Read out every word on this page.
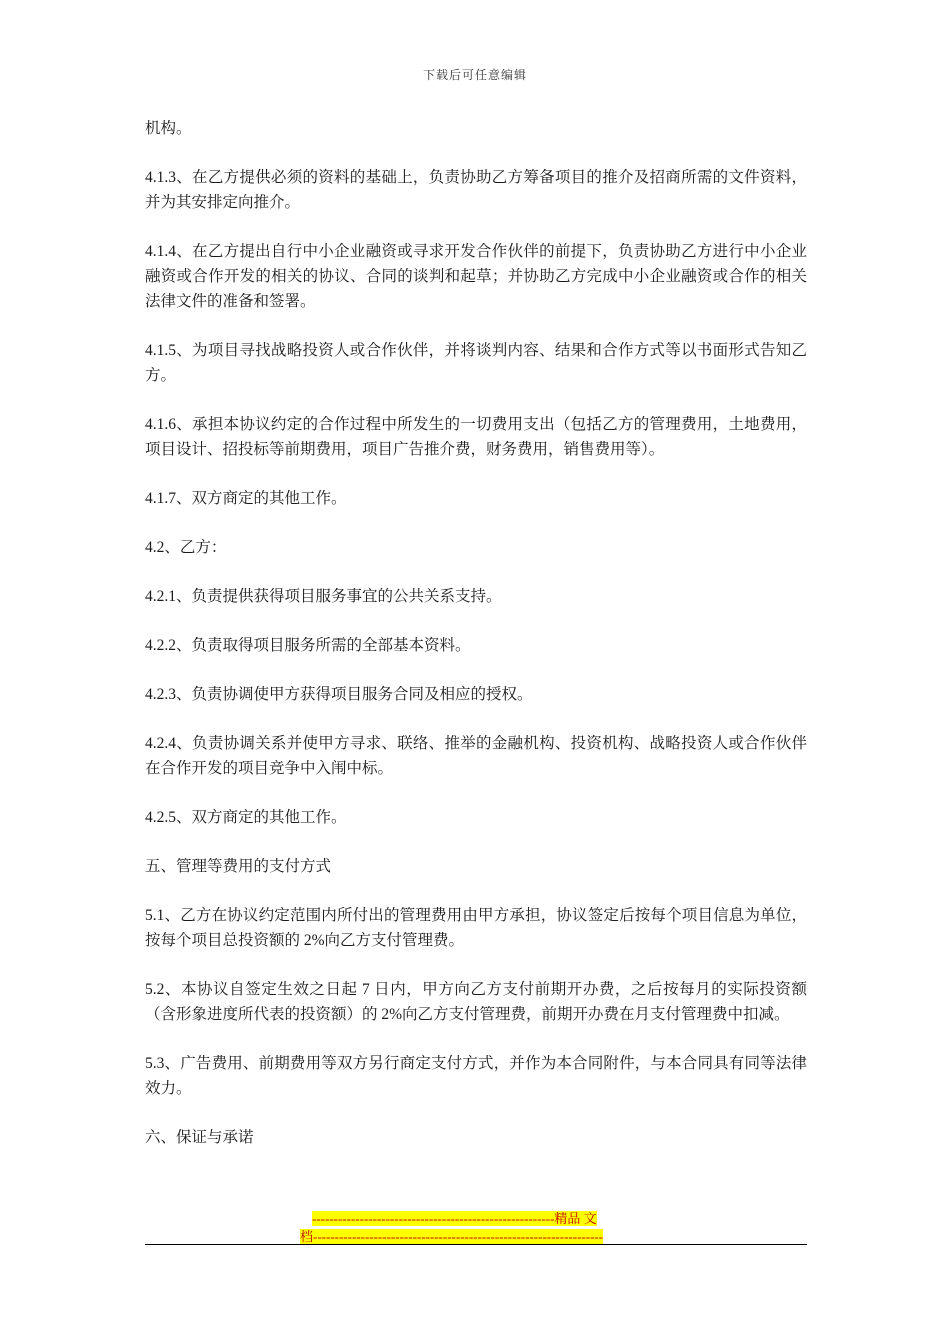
下载后可任意编辑

机构。

4.1.3、在乙方提供必须的资料的基础上，负责协助乙方筹备项目的推介及招商所需的文件资料，并为其安排定向推介。

4.1.4、在乙方提出自行中小企业融资或寻求开发合作伙伴的前提下，负责协助乙方进行中小企业融资或合作开发的相关的协议、合同的谈判和起草；并协助乙方完成中小企业融资或合作的相关法律文件的准备和签署。

4.1.5、为项目寻找战略投资人或合作伙伴，并将谈判内容、结果和合作方式等以书面形式告知乙方。

4.1.6、承担本协议约定的合作过程中所发生的一切费用支出（包括乙方的管理费用，土地费用，项目设计、招投标等前期费用，项目广告推介费，财务费用，销售费用等）。

4.1.7、双方商定的其他工作。

4.2、乙方：

4.2.1、负责提供获得项目服务事宜的公共关系支持。

4.2.2、负责取得项目服务所需的全部基本资料。

4.2.3、负责协调使甲方获得项目服务合同及相应的授权。

4.2.4、负责协调关系并使甲方寻求、联络、推举的金融机构、投资机构、战略投资人或合作伙伴在合作开发的项目竞争中入闱中标。

4.2.5、双方商定的其他工作。

五、管理等费用的支付方式

5.1、乙方在协议约定范围内所付出的管理费用由甲方承担，协议签定后按每个项目信息为单位，按每个项目总投资额的 2%向乙方支付管理费。

5.2、本协议自签定生效之日起 7 日内，甲方向乙方支付前期开办费，之后按每月的实际投资额（含形象进度所代表的投资额）的 2%向乙方支付管理费，前期开办费在月支付管理费中扣减。

5.3、广告费用、前期费用等双方另行商定支付方式，并作为本合同附件，与本合同具有同等法律效力。

六、保证与承诺

--------------------------------------------------------精品 文
档-------------------------------------------------------------------
